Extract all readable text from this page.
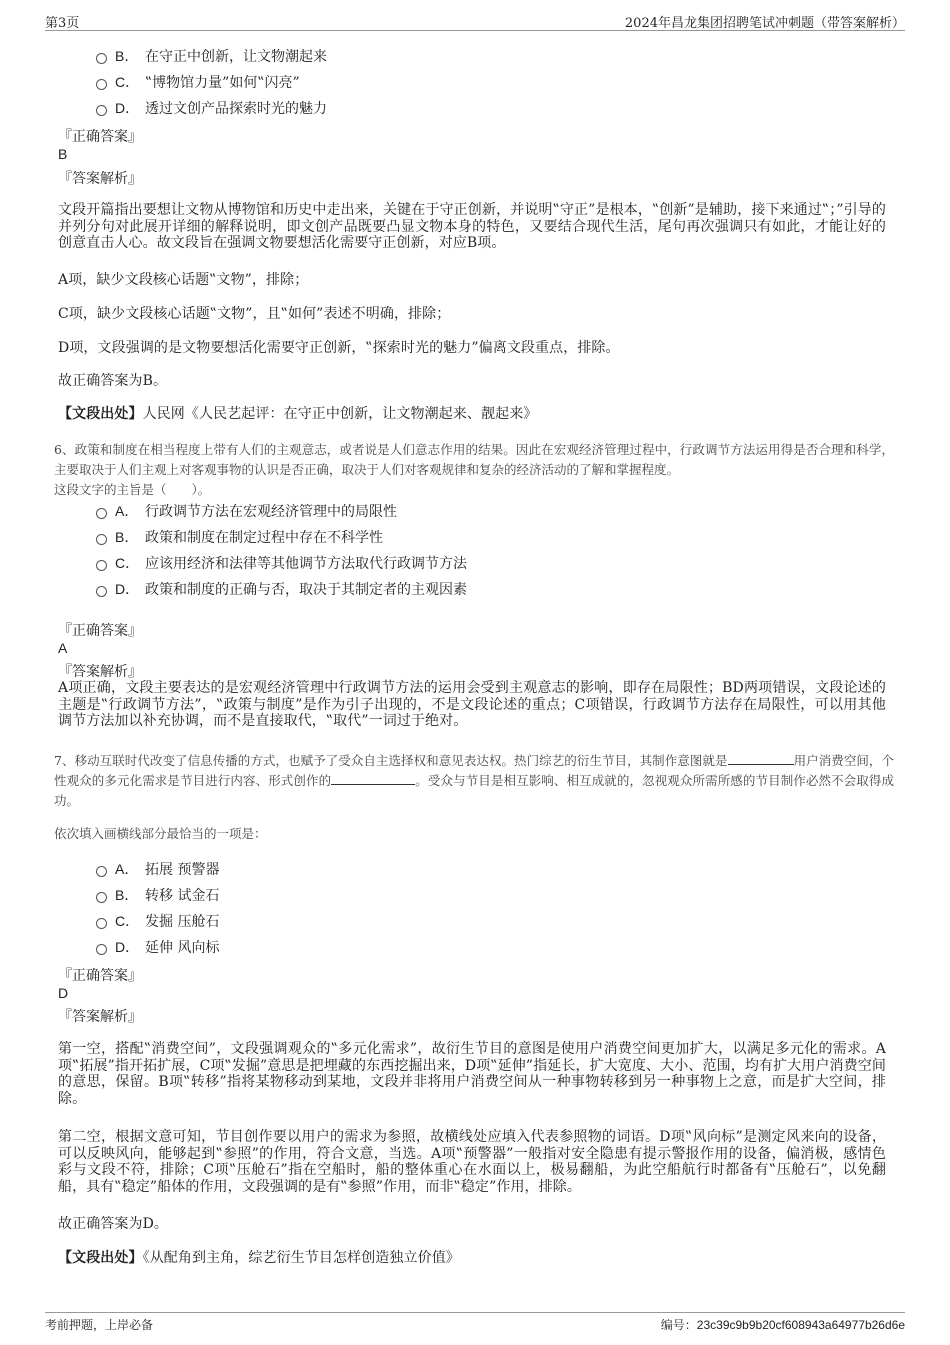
第3页	2024年昌龙集团招聘笔试冲刺题（带答案解析）
B． 在守正中创新，让文物潮起来
C． ‟博物馆力量”如何‟闪亮”
D． 透过文创产品探索时光的魅力
『正确答案』
B
『答案解析』
文段开篇指出要想让文物从博物馆和历史中走出来，关键在于守正创新，并说明‟守正”是根本，‟创新”是辅助，接下来通过‟；”引导的并列分句对此展开详细的解释说明，即文创产品既要凸显文物本身的特色，又要结合现代生活，尾句再次强调只有如此，才能让好的创意直击人心。故文段旨在强调文物要想活化需要守正创新，对应B项。
A项，缺少文段核心话题‟文物”，排除；
C项，缺少文段核心话题‟文物”，且‟如何”表述不明确，排除；
D项，文段强调的是文物要想活化需要守正创新，‟探索时光的魅力”偏离文段重点，排除。
故正确答案为B。
【文段出处】人民网《人民艺起评：在守正中创新，让文物潮起来、靓起来》
6、政策和制度在相当程度上带有人们的主观意志，或者说是人们意志作用的结果。因此在宏观经济管理过程中，行政调节方法运用得是否合理和科学，主要取决于人们主观上对客观事物的认识是否正确，取决于人们对客观规律和复杂的经济活动的了解和掌握程度。
这段文字的主旨是（　　）。
A． 行政调节方法在宏观经济管理中的局限性
B． 政策和制度在制定过程中存在不科学性
C． 应该用经济和法律等其他调节方法取代行政调节方法
D． 政策和制度的正确与否，取决于其制定者的主观因素
『正确答案』
A
『答案解析』
A项正确，文段主要表达的是宏观经济管理中行政调节方法的运用会受到主观意志的影响，即存在局限性；BD两项错误，文段论述的主题是‟行政调节方法”，‟政策与制度”是作为引子出现的，不是文段论述的重点；C项错误，行政调节方法存在局限性，可以用其他调节方法加以补充协调，而不是直接取代，‟取代”一词过于绝对。
7、移动互联时代改变了信息传播的方式，也赋予了受众自主选择权和意见表达权。热门综艺的衍生节目，其制作意图就是	用户消费空间，个性观众的多元化需求是节目进行内容、形式创作的	。受众与节目是相互影响、相互成就的，忽视观众所需所感的节目制作必然不会取得成功。
依次填入画横线部分最恰当的一项是：
A． 拓展 预警器
B． 转移 试金石
C． 发掘 压舱石
D． 延伸 风向标
『正确答案』
D
『答案解析』
第一空，搭配‟消费空间”，文段强调观众的‟多元化需求”，故衍生节目的意图是使用户消费空间更加扩大，以满足多元化的需求。A项‟拓展”指开拓扩展，C项‟发掘”意思是把埋藏的东西挖掘出来，D项‟延伸”指延长，扩大宽度、大小、范围，均有扩大用户消费空间的意思，保留。B项‟转移”指将某物移动到某地，文段并非将用户消费空间从一种事物转移到另一种事物上之意，而是扩大空间，排除。
第二空，根据文意可知，节目创作要以用户的需求为参照，故横线处应填入代表参照物的词语。D项‟风向标”是测定风来向的设备，可以反映风向，能够起到‟参照”的作用，符合文意，当选。A项‟预警器”一般指对安全隐患有提示警报作用的设备，偏消极，感情色彩与文段不符，排除；C项‟压舱石”指在空船时，船的整体重心在水面以上，极易翻船，为此空船航行时都备有‟压舱石”，以免翻船，具有‟稳定”船体的作用，文段强调的是有‟参照”作用，而非‟稳定”作用，排除。
故正确答案为D。
【文段出处】《从配角到主角，综艺衍生节目怎样创造独立价值》
考前押题，上岸必备	编号：23c39c9b9b20cf608943a64977b26d6e
